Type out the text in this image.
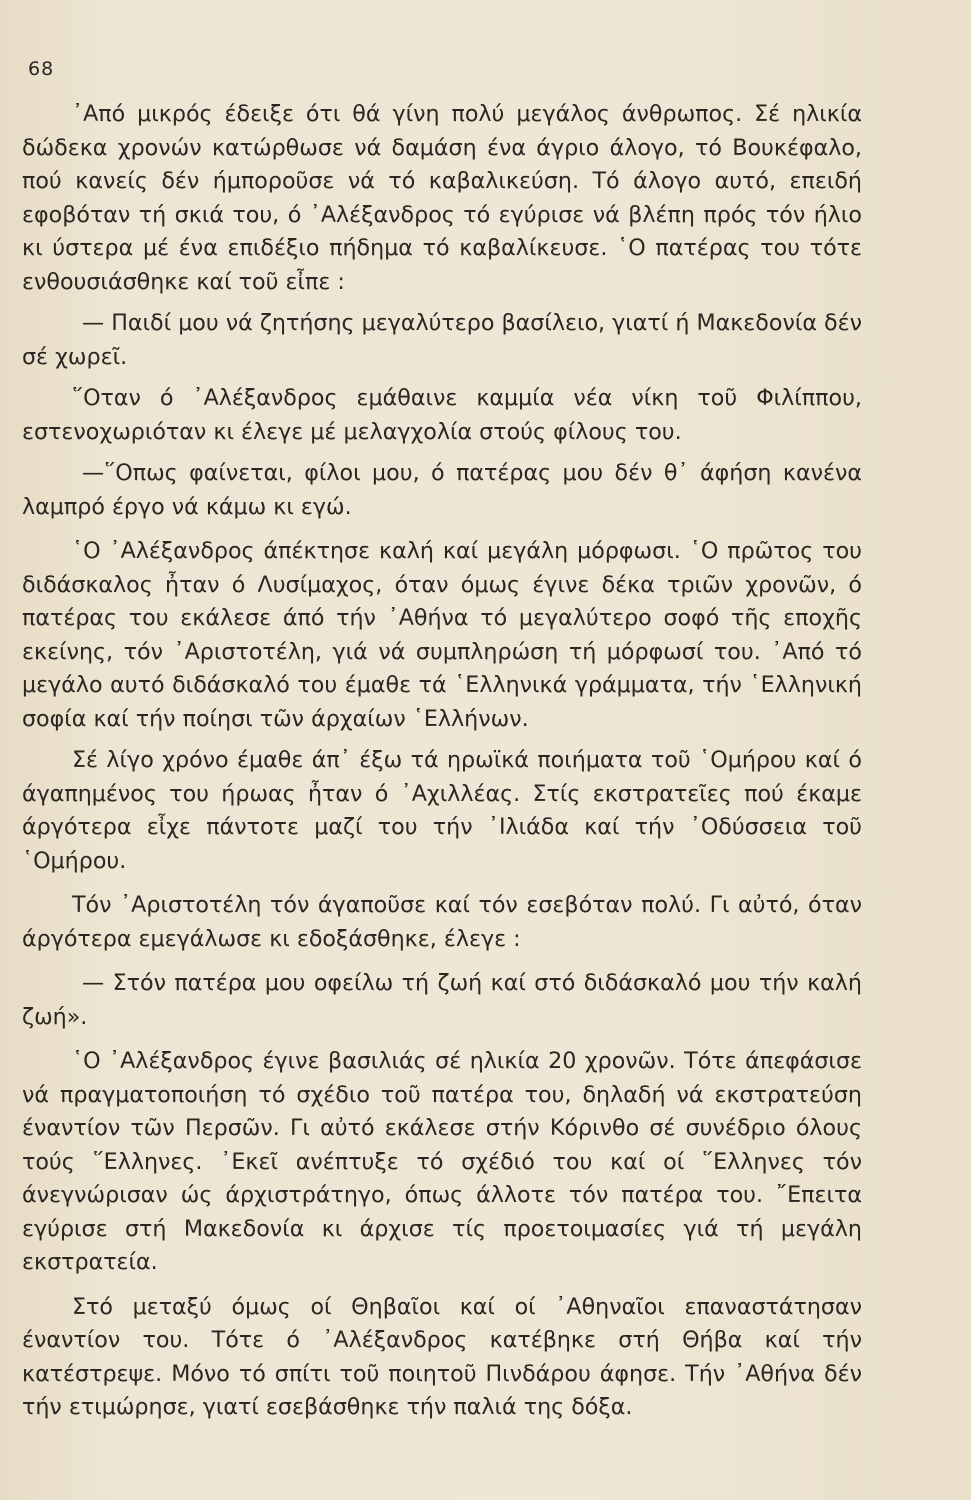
68

᾽Από μικρός έδειξε ότι θά γίνη πολύ μεγάλος άνθρωπος. Σέ ηλικία δώδεκα χρονών κατώρθωσε νά δαμάση ένα άγριο άλογο, τό Βουκέφαλο, πού κανείς δέν ήμποροῦσε νά τό καβαλικεύση. Τό άλογο αυτό, επειδή εφοβόταν τή σκιά του, ό ᾽Αλέξανδρος τό εγύρισε νά βλέπη πρός τόν ήλιο κι ύστερα μέ ένα επιδέξιο πήδημα τό καβαλίκευσε. ῾Ο πατέρας του τότε ενθουσιάσθηκε καί τοῦ εἶπε :

— Παιδί μου νά ζητήσης μεγαλύτερο βασίλειο, γιατί ή Μακεδονία δέν σέ χωρεῖ.

῞Οταν ό ᾽Αλέξανδρος εμάθαινε καμμία νέα νίκη τοῦ Φιλίππου, εστενοχωριόταν κι έλεγε μέ μελαγχολία στούς φίλους του.

—῞Οπως φαίνεται, φίλοι μου, ό πατέρας μου δέν θ᾽ άφήση κανένα λαμπρό έργο νά κάμω κι εγώ.

῾Ο ᾽Αλέξανδρος άπέκτησε καλή καί μεγάλη μόρφωσι. ῾Ο πρῶτος του διδάσκαλος ἦταν ό Λυσίμαχος, όταν όμως έγινε δέκα τριῶν χρονῶν, ό πατέρας του εκάλεσε άπό τήν ᾽Αθήνα τό μεγαλύτερο σοφό τῆς εποχῆς εκείνης, τόν ᾽Αριστοτέλη, γιά νά συμπληρώση τή μόρφωσί του. ᾽Από τό μεγάλο αυτό διδάσκαλό του έμαθε τά ῾Ελληνικά γράμματα, τήν ῾Ελληνική σοφία καί τήν ποίησι τῶν άρχαίων ῾Ελλήνων.

Σέ λίγο χρόνο έμαθε άπ᾽ έξω τά ηρωϊκά ποιήματα τοῦ ῾Ομήρου καί ό άγαπημένος του ήρωας ἦταν ό ᾽Αχιλλέας. Στίς εκστρατεῖες πού έκαμε άργότερα εἶχε πάντοτε μαζί του τήν ᾽Ιλιάδα καί τήν ᾽Οδύσσεια τοῦ ῾Ομήρου.

Τόν ᾽Αριστοτέλη τόν άγαποῦσε καί τόν εσεβόταν πολύ. Γι αὐτό, όταν άργότερα εμεγάλωσε κι εδοξάσθηκε, έλεγε :

— Στόν πατέρα μου οφείλω τή ζωή καί στό διδάσκαλό μου τήν καλή ζωή».

῾Ο ᾽Αλέξανδρος έγινε βασιλιάς σέ ηλικία 20 χρονῶν. Τότε άπεφάσισε νά πραγματοποιήση τό σχέδιο τοῦ πατέρα του, δηλαδή νά εκστρατεύση έναντίον τῶν Περσῶν. Γι αὐτό εκάλεσε στήν Κόρινθο σέ συνέδριο όλους τούς ῞Ελληνες. ᾽Εκεῖ ανέπτυξε τό σχέδιό του καί οί ῞Ελληνες τόν άνεγνώρισαν ώς άρχιστράτηγο, όπως άλλοτε τόν πατέρα του. ῎Επειτα εγύρισε στή Μακεδονία κι άρχισε τίς προετοιμασίες γιά τή μεγάλη εκστρατεία.

Στό μεταξύ όμως οί Θηβαῖοι καί οί ᾽Αθηναῖοι επαναστάτησαν έναντίον του. Τότε ό ᾽Αλέξανδρος κατέβηκε στή Θήβα καί τήν κατέστρεψε. Μόνο τό σπίτι τοῦ ποιητοῦ Πινδάρου άφησε. Τήν ᾽Αθήνα δέν τήν ετιμώρησε, γιατί εσεβάσθηκε τήν παλιά της δόξα.
